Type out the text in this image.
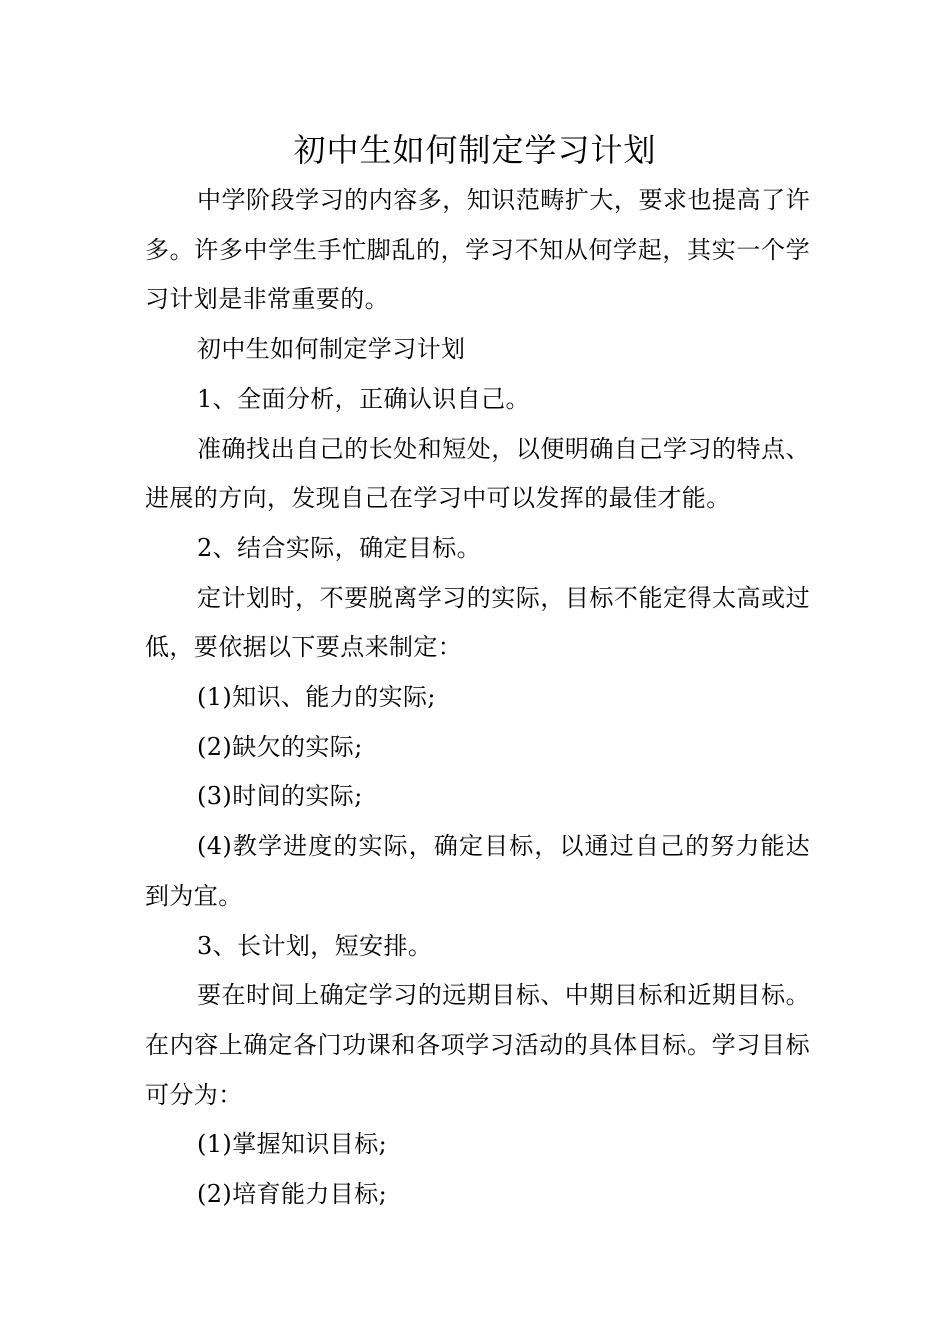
初中生如何制定学习计划

中学阶段学习的内容多，知识范畴扩大，要求也提高了许多。许多中学生手忙脚乱的，学习不知从何学起，其实一个学习计划是非常重要的。

初中生如何制定学习计划

1、全面分析，正确认识自己。

准确找出自己的长处和短处，以便明确自己学习的特点、进展的方向，发现自己在学习中可以发挥的最佳才能。

2、结合实际，确定目标。

定计划时，不要脱离学习的实际，目标不能定得太高或过低，要依据以下要点来制定：

(1)知识、能力的实际;

(2)缺欠的实际;

(3)时间的实际;

(4)教学进度的实际，确定目标，以通过自己的努力能达到为宜。

3、长计划，短安排。

要在时间上确定学习的远期目标、中期目标和近期目标。在内容上确定各门功课和各项学习活动的具体目标。学习目标可分为：

(1)掌握知识目标;

(2)培育能力目标;
